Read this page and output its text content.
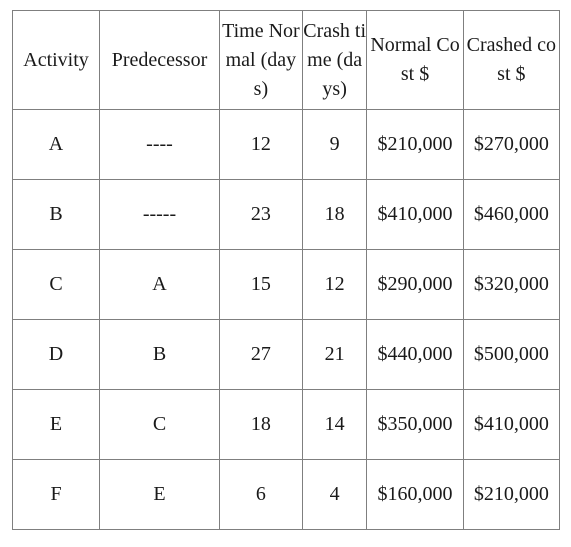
Activity	Predecessor	Time Normal (days)	Crash time (days)	Normal Cost $	Crashed cost $
A	----	12	9	$210,000	$270,000

B	-----	23	18	$410,000	$460,000

C	A	15	12	$290,000	$320,000

D	B	27	21	$440,000	$500,000

E	C	18	14	$350,000	$410,000

F	E	6	4	$160,000	$210,000
